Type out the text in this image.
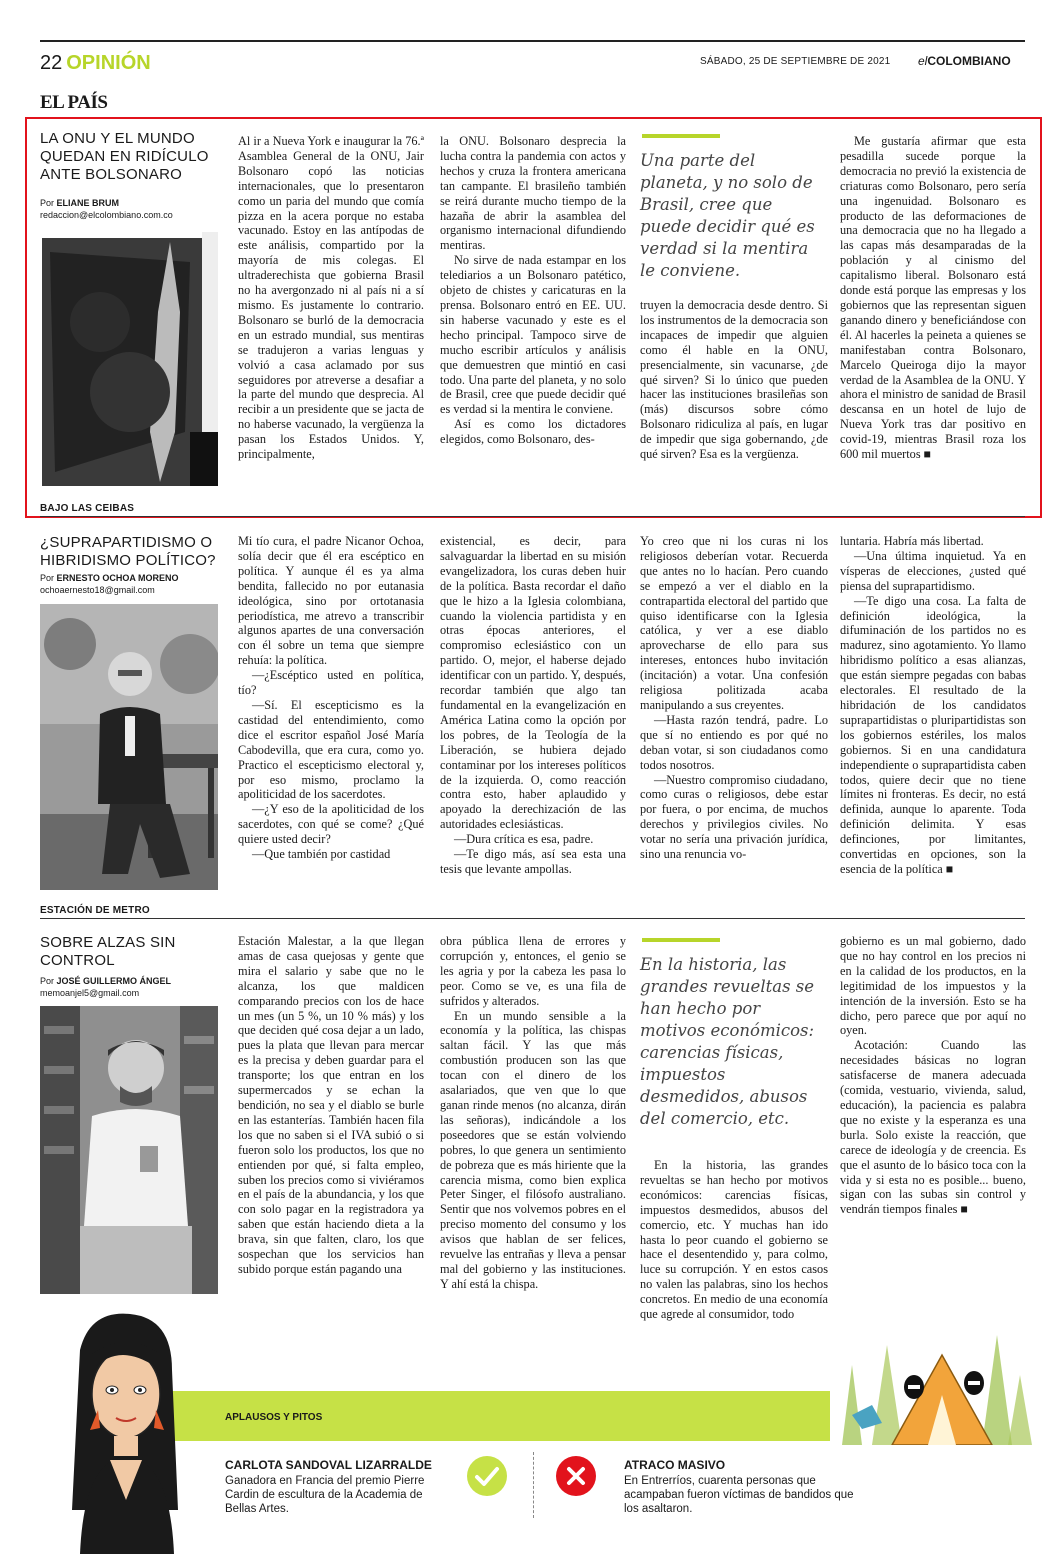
22 OPINIÓN	SÁBADO, 25 DE SEPTIEMBRE DE 2021 elCOLOMBIANO
EL PAÍS
LA ONU Y EL MUNDO QUEDAN EN RIDÍCULO ANTE BOLSONARO
Por ELIANE BRUM
redaccion@elcolombiano.com.co

Al ir a Nueva York e inaugurar la 76.ª Asamblea General de la ONU, Jair Bolsonaro copó las noticias internacionales, que lo presentaron como un paria del mundo que comía pizza en la acera porque no estaba vacunado. Estoy en las antípodas de este análisis, compartido por la mayoría de mis colegas. El ultraderechista que gobierna Brasil no ha avergonzado ni al país ni a sí mismo. Es justamente lo contrario. Bolsonaro se burló de la democracia en un estrado mundial, sus mentiras se tradujeron a varias lenguas y volvió a casa aclamado por sus seguidores por atreverse a desafiar a la parte del mundo que desprecia. Al recibir a un presidente que se jacta de no haberse vacunado, la vergüenza la pasan los Estados Unidos. Y, principalmente,

la ONU. Bolsonaro desprecia la lucha contra la pandemia con actos y hechos y cruza la frontera americana tan campante. El brasileño también se reirá durante mucho tiempo de la hazaña de abrir la asamblea del organismo internacional difundiendo mentiras.

No sirve de nada estampar en los telediarios a un Bolsonaro patético, objeto de chistes y caricaturas en la prensa. Bolsonaro entró en EE. UU. sin haberse vacunado y este es el hecho principal. Tampoco sirve de mucho escribir artículos y análisis que demuestren que mintió en casi todo. Una parte del planeta, y no solo de Brasil, cree que puede decidir qué es verdad si la mentira le conviene.

Así es como los dictadores elegidos, como Bolsonaro, des-

Una parte del planeta, y no solo de Brasil, cree que puede decidir qué es verdad si la mentira le conviene.

truyen la democracia desde dentro. Si los instrumentos de la democracia son incapaces de impedir que alguien como él hable en la ONU, presencialmente, sin vacunarse, ¿de qué sirven? Si lo único que pueden hacer las instituciones brasileñas son (más) discursos sobre cómo Bolsonaro ridiculiza al país, en lugar de impedir que siga gobernando, ¿de qué sirven? Esa es la vergüenza.

Me gustaría afirmar que esta pesadilla sucede porque la democracia no previó la existencia de criaturas como Bolsonaro, pero sería una ingenuidad. Bolsonaro es producto de las deformaciones de una democracia que no ha llegado a las capas más desamparadas de la población y al cinismo del capitalismo liberal. Bolsonaro está donde está porque las empresas y los gobiernos que las representan siguen ganando dinero y beneficiándose con él. Al hacerles la peineta a quienes se manifestaban contra Bolsonaro, Marcelo Queiroga dijo la mayor verdad de la Asamblea de la ONU. Y ahora el ministro de sanidad de Brasil descansa en un hotel de lujo de Nueva York tras dar positivo en covid-19, mientras Brasil roza los 600 mil muertos ■

BAJO LAS CEIBAS
¿SUPRAPARTIDISMO O HIBRIDISMO POLÍTICO?
Por ERNESTO OCHOA MORENO
ochoaernesto18@gmail.com

Mi tío cura, el padre Nicanor Ochoa, solía decir que él era escéptico en política. Y aunque él es ya alma bendita, fallecido no por eutanasia ideológica, sino por ortotanasia periodística, me atrevo a transcribir algunos apartes de una conversación con él sobre un tema que siempre rehuía: la política.

—¿Escéptico usted en política, tío?

—Sí. El escepticismo es la castidad del entendimiento, como dice el escritor español José María Cabodevilla, que era cura, como yo. Practico el escepticismo electoral y, por eso mismo, proclamo la apoliticidad de los sacerdotes.

—¿Y eso de la apoliticidad de los sacerdotes, con qué se come? ¿Qué quiere usted decir?

—Que también por castidad

existencial, es decir, para salvaguardar la libertad en su misión evangelizadora, los curas deben huir de la política. Basta recordar el daño que le hizo a la Iglesia colombiana, cuando la violencia partidista y en otras épocas anteriores, el compromiso eclesiástico con un partido. O, mejor, el haberse dejado identificar con un partido. Y, después, recordar también que algo tan fundamental en la evangelización en América Latina como la opción por los pobres, de la Teología de la Liberación, se hubiera dejado contaminar por los intereses políticos de la izquierda. O, como reacción contra esto, haber aplaudido y apoyado la derechización de las autoridades eclesiásticas.

—Dura crítica es esa, padre.

—Te digo más, así sea esta una tesis que levante ampollas.

Yo creo que ni los curas ni los religiosos deberían votar. Recuerda que antes no lo hacían. Pero cuando se empezó a ver el diablo en la contrapartida electoral del partido que quiso identificarse con la Iglesia católica, y ver a ese diablo aprovecharse de ello para sus intereses, entonces hubo invitación (incitación) a votar. Una confesión religiosa politizada acaba manipulando a sus creyentes.

—Hasta razón tendrá, padre. Lo que sí no entiendo es por qué no deban votar, si son ciudadanos como todos nosotros.

—Nuestro compromiso ciudadano, como curas o religiosos, debe estar por fuera, o por encima, de muchos derechos y privilegios civiles. No votar no sería una privación jurídica, sino una renuncia vo-

luntaria. Habría más libertad.

—Una última inquietud. Ya en vísperas de elecciones, ¿usted qué piensa del suprapartidismo.

—Te digo una cosa. La falta de definición ideológica, la difuminación de los partidos no es madurez, sino agotamiento. Yo llamo hibridismo político a esas alianzas, que están siempre pegadas con babas electorales. El resultado de la hibridación de los candidatos suprapartidistas o pluripartidistas son los gobiernos estériles, los malos gobiernos. Si en una candidatura independiente o suprapartidista caben todos, quiere decir que no tiene límites ni fronteras. Es decir, no está definida, aunque lo aparente. Toda definición delimita. Y esas definciones, por limitantes, convertidas en opciones, son la esencia de la política ■

ESTACIÓN DE METRO
SOBRE ALZAS SIN CONTROL
Por JOSÉ GUILLERMO ÁNGEL
memoanjel5@gmail.com

Estación Malestar, a la que llegan amas de casa quejosas y gente que mira el salario y sabe que no le alcanza, los que maldicen comparando precios con los de hace un mes (un 5 %, un 10 % más) y los que deciden qué cosa dejar a un lado, pues la plata que llevan para mercar es la precisa y deben guardar para el transporte; los que entran en los supermercados y se echan la bendición, no sea y el diablo se burle en las estanterías. También hacen fila los que no saben si el IVA subió o si fueron solo los productos, los que no entienden por qué, si falta empleo, suben los precios como si viviéramos en el país de la abundancia, y los que con solo pagar en la registradora ya saben que están haciendo dieta a la brava, sin que falten, claro, los que sospechan que los servicios han subido porque están pagando una

obra pública llena de errores y corrupción y, entonces, el genio se les agria y por la cabeza les pasa lo peor. Como se ve, es una fila de sufridos y alterados.

En un mundo sensible a la economía y la política, las chispas saltan fácil. Y las que más combustión producen son las que tocan con el dinero de los asalariados, que ven que lo que ganan rinde menos (no alcanza, dirán las señoras), indicándole a los poseedores que se están volviendo pobres, lo que genera un sentimiento de pobreza que es más hiriente que la carencia misma, como bien explica Peter Singer, el filósofo australiano. Sentir que nos volvemos pobres en el preciso momento del consumo y los avisos que hablan de ser felices, revuelve las entrañas y lleva a pensar mal del gobierno y las instituciones. Y ahí está la chispa.

En la historia, las grandes revueltas se han hecho por motivos económicos: carencias físicas, impuestos desmedidos, abusos del comercio, etc.

En la historia, las grandes revueltas se han hecho por motivos económicos: carencias físicas, impuestos desmedidos, abusos del comercio, etc. Y muchas han ido hasta lo peor cuando el gobierno se hace el desentendido y, para colmo, luce su corrupción. Y en estos casos no valen las palabras, sino los hechos concretos. En medio de una economía que agrede al consumidor, todo

gobierno es un mal gobierno, dado que no hay control en los precios ni en la calidad de los productos, en la legitimidad de los impuestos y la intención de la inversión. Esto se ha dicho, pero parece que por aquí no oyen.

Acotación: Cuando las necesidades básicas no logran satisfacerse de manera adecuada (comida, vestuario, vivienda, salud, educación), la paciencia es palabra que no existe y la esperanza es una burla. Solo existe la reacción, que carece de ideología y de creencia. Es que el asunto de lo básico toca con la vida y si esta no es posible... bueno, sigan con las subas sin control y vendrán tiempos finales ■

APLAUSOS Y PITOS
CARLOTA SANDOVAL LIZARRALDE
Ganadora en Francia del premio Pierre Cardin de escultura de la Academia de Bellas Artes.
ATRACO MASIVO
En Entrerríos, cuarenta personas que acampaban fueron víctimas de bandidos que los asaltaron.
